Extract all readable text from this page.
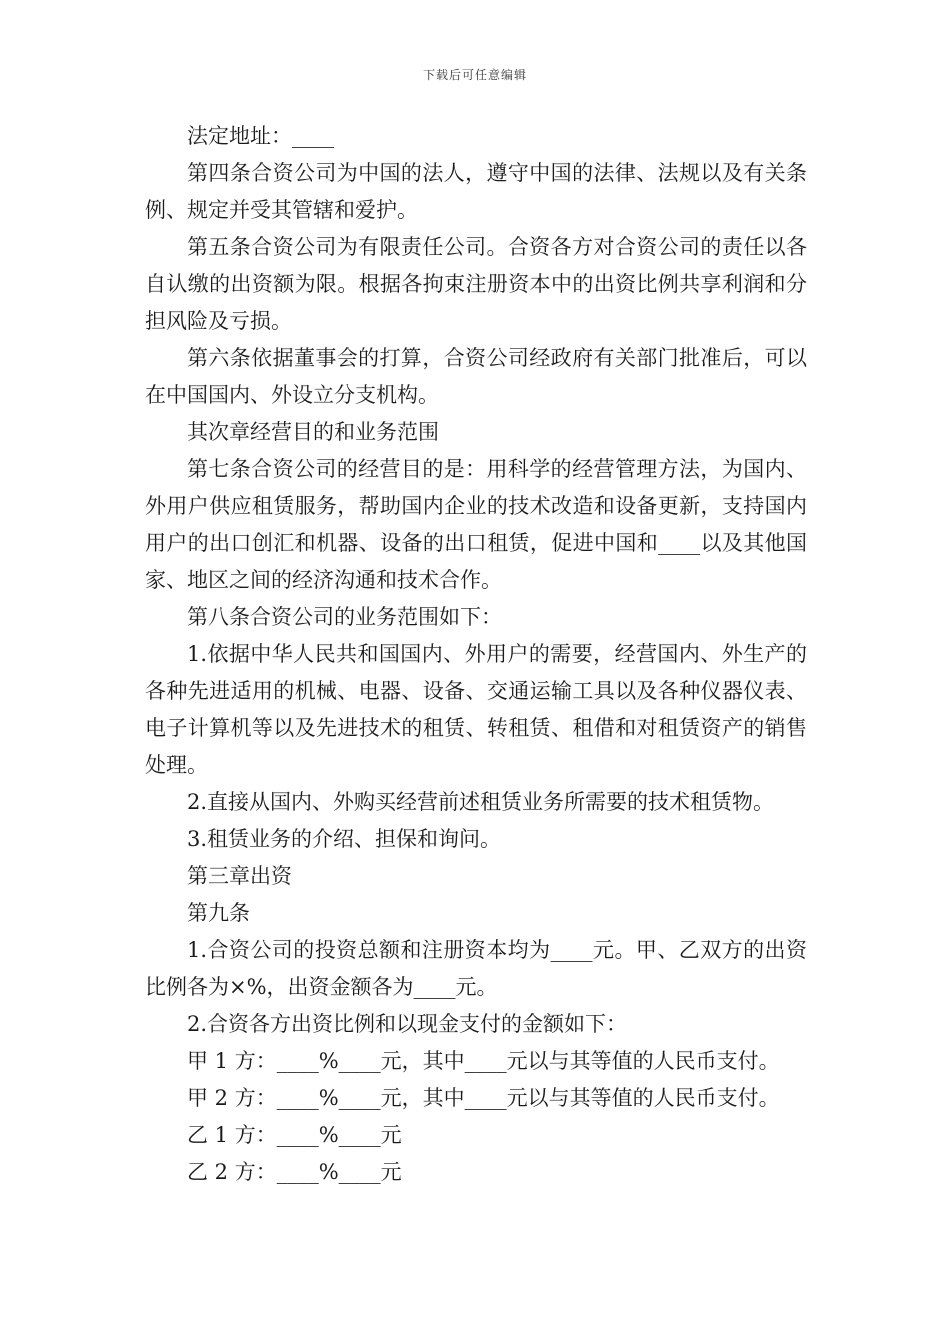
下载后可任意编辑

法定地址：____

第四条合资公司为中国的法人，遵守中国的法律、法规以及有关条例、规定并受其管辖和爱护。

第五条合资公司为有限责任公司。合资各方对合资公司的责任以各自认缴的出资额为限。根据各拘束注册资本中的出资比例共享利润和分担风险及亏损。

第六条依据董事会的打算，合资公司经政府有关部门批准后，可以在中国国内、外设立分支机构。

其次章经营目的和业务范围

第七条合资公司的经营目的是：用科学的经营管理方法，为国内、外用户供应租赁服务，帮助国内企业的技术改造和设备更新，支持国内用户的出口创汇和机器、设备的出口租赁，促进中国和____以及其他国家、地区之间的经济沟通和技术合作。

第八条合资公司的业务范围如下：

1.依据中华人民共和国国内、外用户的需要，经营国内、外生产的各种先进适用的机械、电器、设备、交通运输工具以及各种仪器仪表、电子计算机等以及先进技术的租赁、转租赁、租借和对租赁资产的销售处理。

2.直接从国内、外购买经营前述租赁业务所需要的技术租赁物。

3.租赁业务的介绍、担保和询问。

第三章出资

第九条

1.合资公司的投资总额和注册资本均为____元。甲、乙双方的出资比例各为×%，出资金额各为____元。

2.合资各方出资比例和以现金支付的金额如下：

甲 1 方：____%____元，其中____元以与其等值的人民币支付。

甲 2 方：____%____元，其中____元以与其等值的人民币支付。

乙 1 方：____%____元

乙 2 方：____%____元
